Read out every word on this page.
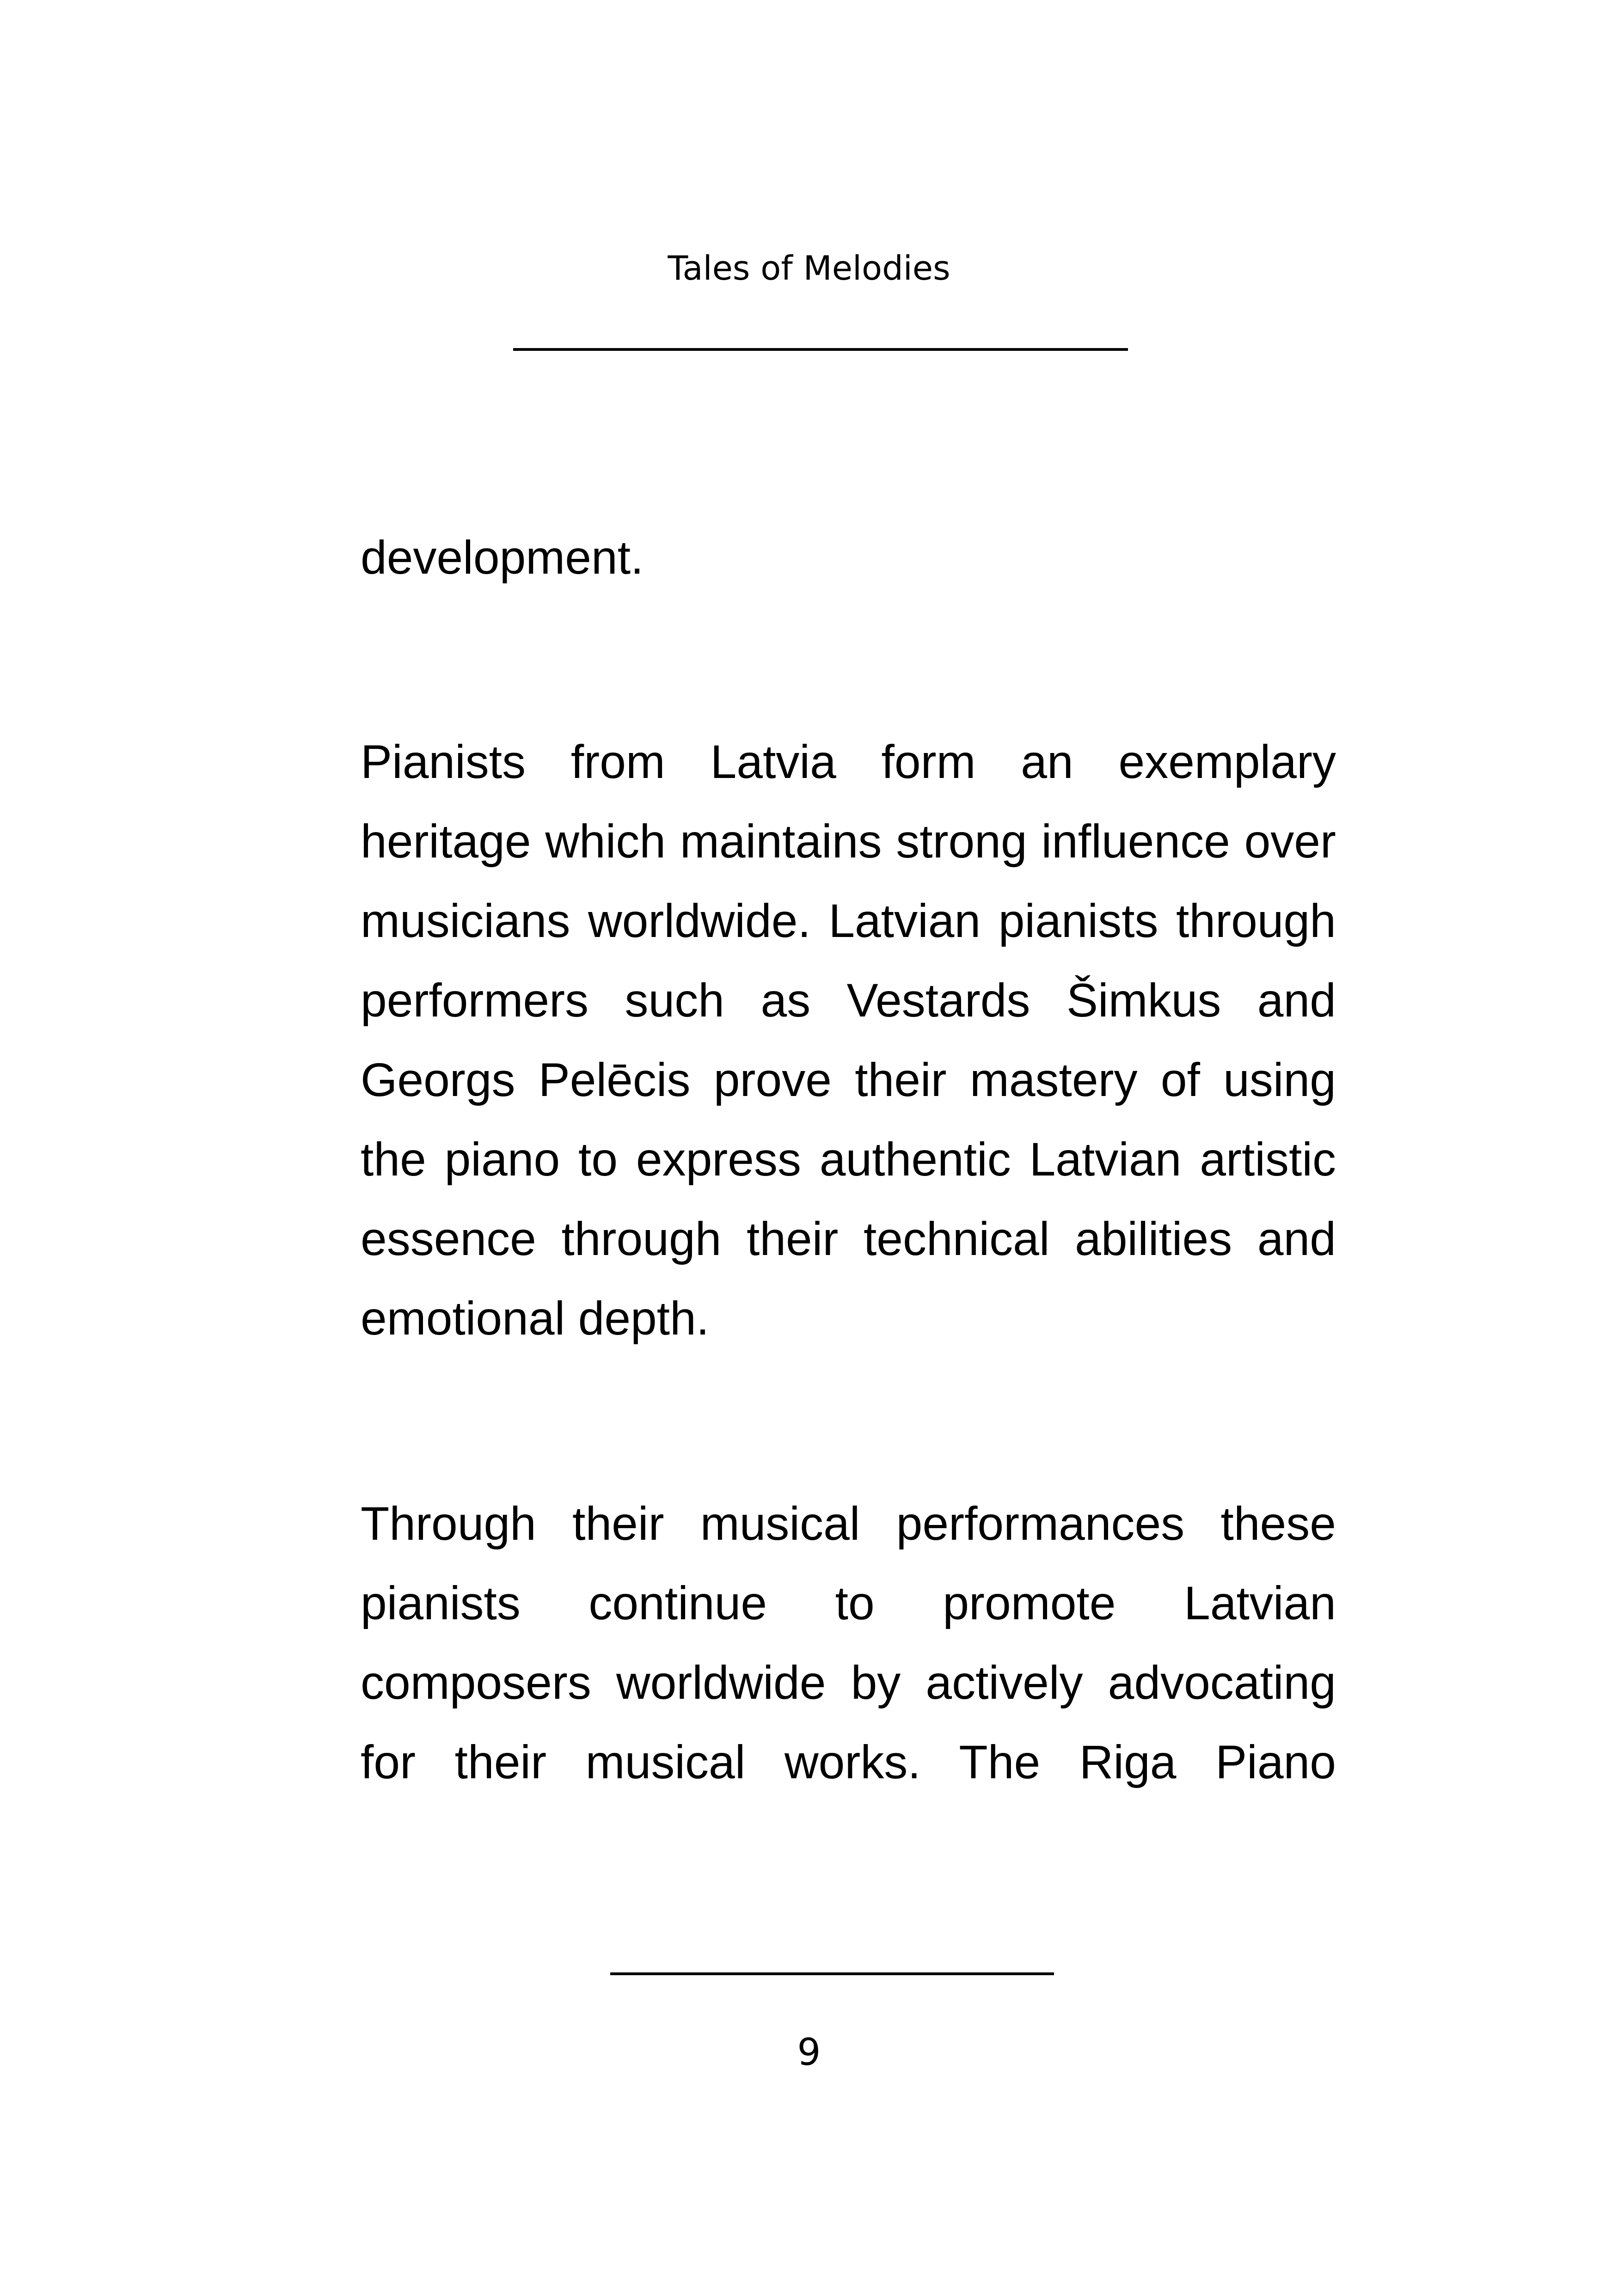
Tales of Melodies

development.

Pianists from Latvia form an exemplary heritage which maintains strong influence over musicians worldwide. Latvian pianists through performers such as Vestards Šimkus and Georgs Pelēcis prove their mastery of using the piano to express authentic Latvian artistic essence through their technical abilities and emotional depth.

Through their musical performances these pianists continue to promote Latvian composers worldwide by actively advocating for their musical works. The Riga Piano

9
